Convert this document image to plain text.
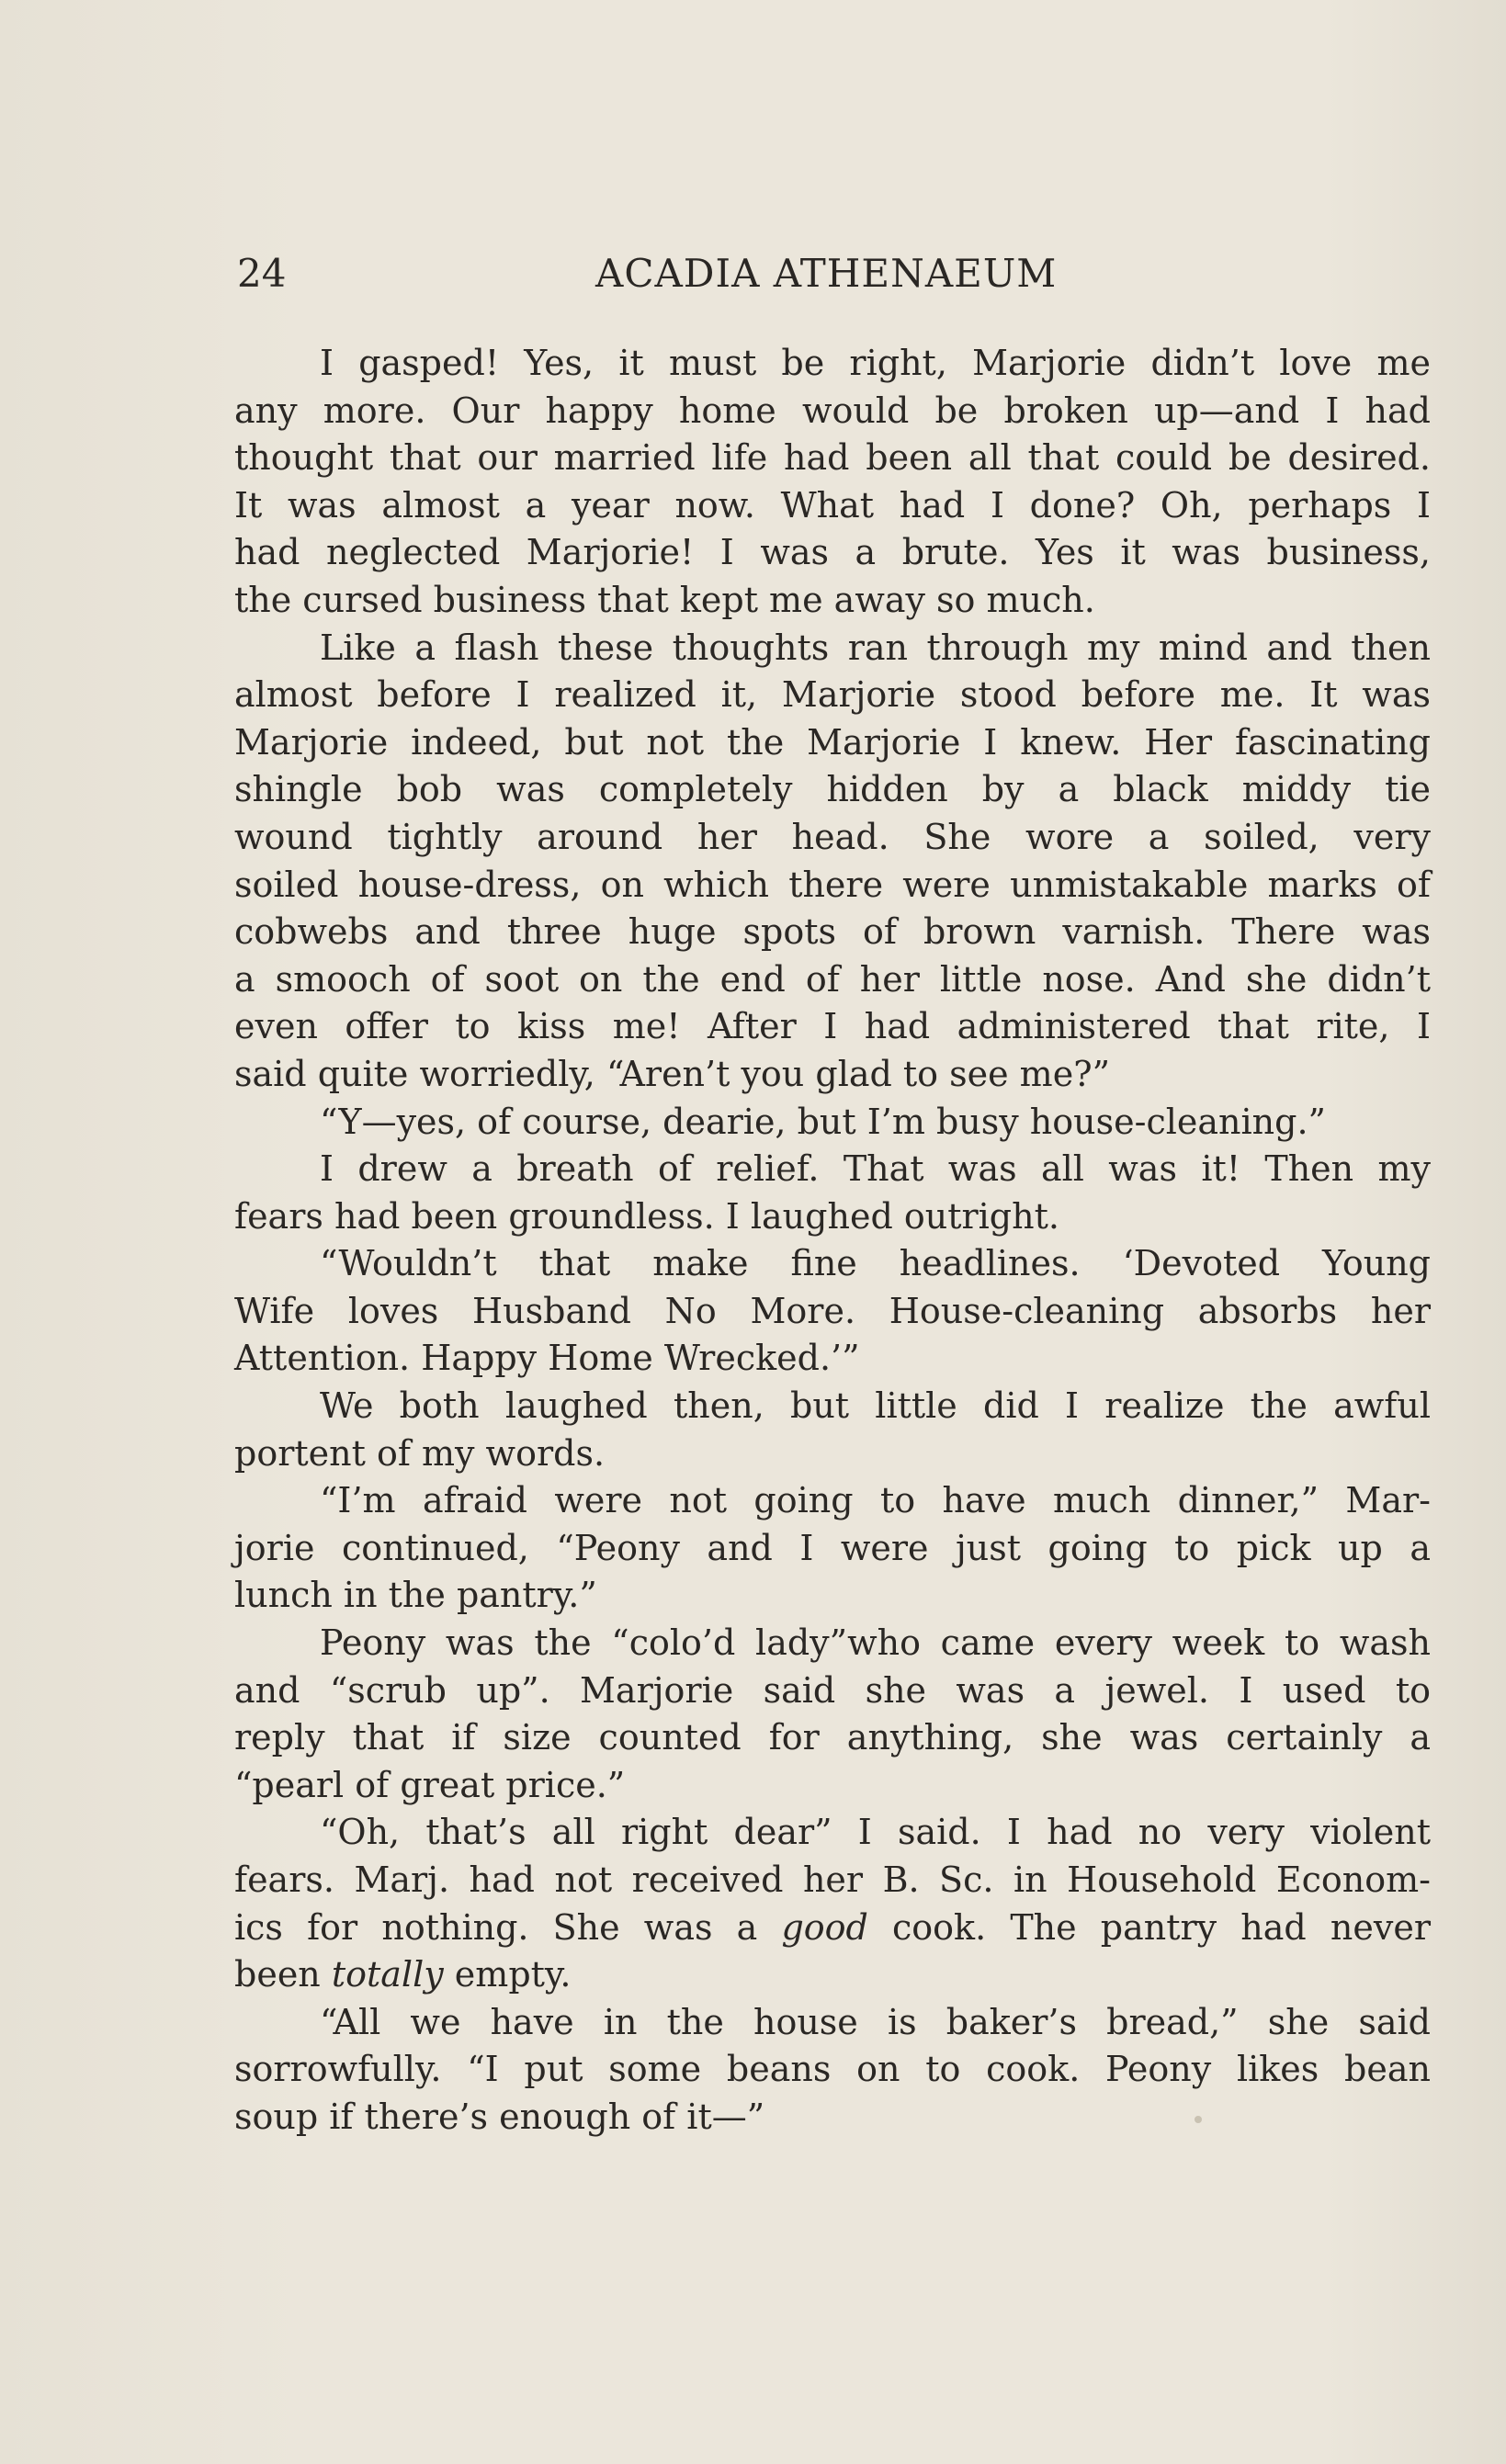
24	ACADIA ATHENAEUM

I gasped! Yes, it must be right, Marjorie didn’t love me
any more. Our happy home would be broken up—and I had
thought that our married life had been all that could be desired.
It was almost a year now. What had I done? Oh, perhaps I
had neglected Marjorie! I was a brute. Yes it was business,
the cursed business that kept me away so much.

Like a flash these thoughts ran through my mind and then
almost before I realized it, Marjorie stood before me. It was
Marjorie indeed, but not the Marjorie I knew. Her fascinating
shingle bob was completely hidden by a black middy tie
wound tightly around her head. She wore a soiled, very
soiled house-dress, on which there were unmistakable marks of
cobwebs and three huge spots of brown varnish. There was
a smooch of soot on the end of her little nose. And she didn’t
even offer to kiss me! After I had administered that rite, I
said quite worriedly, “Aren’t you glad to see me?”

“Y—yes, of course, dearie, but I’m busy house-cleaning.”

I drew a breath of relief. That was all was it! Then my
fears had been groundless. I laughed outright.

“Wouldn’t that make fine headlines. ‘Devoted Young
Wife loves Husband No More. House-cleaning absorbs her
Attention. Happy Home Wrecked.’”

We both laughed then, but little did I realize the awful
portent of my words.

“I’m afraid were not going to have much dinner,” Mar-
jorie continued, “Peony and I were just going to pick up a
lunch in the pantry.”

Peony was the “colo’d lady”who came every week to wash
and “scrub up”. Marjorie said she was a jewel. I used to
reply that if size counted for anything, she was certainly a
“pearl of great price.”

“Oh, that’s all right dear” I said. I had no very violent
fears. Marj. had not received her B. Sc. in Household Econom-
ics for nothing. She was a good cook. The pantry had never
been totally empty.

“All we have in the house is baker’s bread,” she said
sorrowfully. “I put some beans on to cook. Peony likes bean
soup if there’s enough of it—”
